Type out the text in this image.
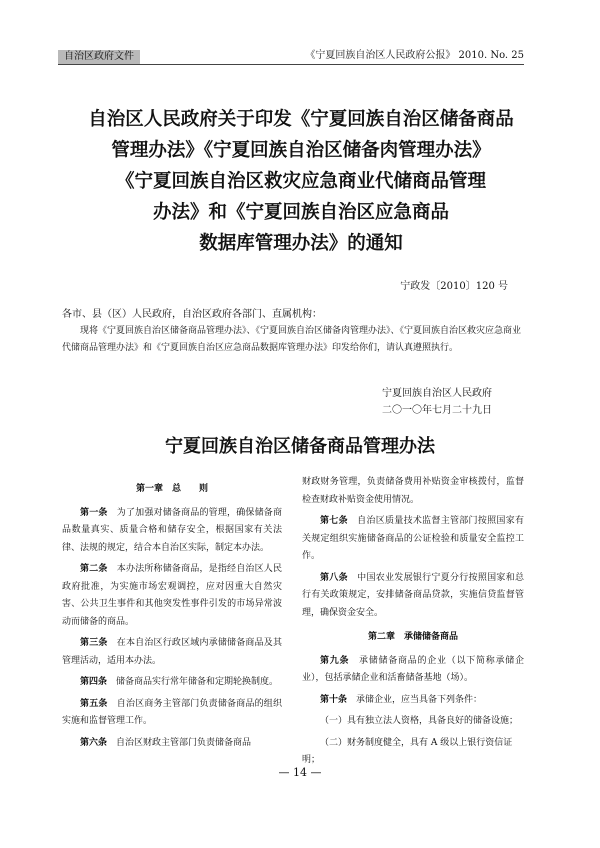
自治区政府文件	《宁夏回族自治区人民政府公报》 2010. No. 25
自治区人民政府关于印发《宁夏回族自治区储备商品
管理办法》《宁夏回族自治区储备肉管理办法》
《宁夏回族自治区救灾应急商业代储商品管理
办法》和《宁夏回族自治区应急商品
数据库管理办法》的通知
宁政发〔2010〕120 号
各市、县（区）人民政府，自治区政府各部门、直属机构：
现将《宁夏回族自治区储备商品管理办法》、《宁夏回族自治区储备肉管理办法》、《宁夏回族自治区救灾应急商业代储商品管理办法》和《宁夏回族自治区应急商品数据库管理办法》印发给你们，请认真遵照执行。
宁夏回族自治区人民政府
二〇一〇年七月二十九日
宁夏回族自治区储备商品管理办法
第一章　总　　则

第一条　 为了加强对储备商品的管理，确保储备商品数量真实、质量合格和储存安全，根据国家有关法律、法规的规定，结合本自治区实际，制定本办法。

第二条　 本办法所称储备商品，是指经自治区人民政府批准，为实施市场宏观调控，应对因重大自然灾害、公共卫生事件和其他突发性事件引发的市场异常波动而储备的商品。

第三条　 在本自治区行政区域内承储储备商品及其管理活动，适用本办法。

第四条　 储备商品实行常年储备和定期轮换制度。

第五条　 自治区商务主管部门负责储备商品的组织实施和监督管理工作。

第六条　 自治区财政主管部门负责储备商品

财政财务管理，负责储备费用补贴资金审核拨付，监督检查财政补贴资金使用情况。

第七条　 自治区质量技术监督主管部门按照国家有关规定组织实施储备商品的公证检验和质量安全监控工作。

第八条　 中国农业发展银行宁夏分行按照国家和总行有关政策规定，安排储备商品贷款，实施信贷监督管理，确保资金安全。

第二章　承储储备商品

第九条　 承储储备商品的企业（以下简称承储企业），包括承储企业和活畜储备基地（场）。

第十条　 承储企业，应当具备下列条件：

（一）具有独立法人资格，具备良好的储备设施；

（二）财务制度健全，具有 A 级以上银行资信证明；

— 14 —
